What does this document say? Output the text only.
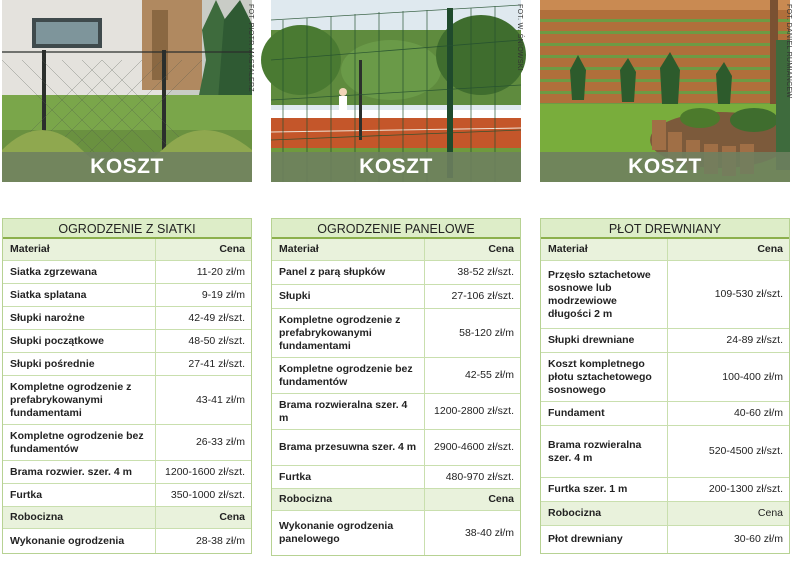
FOT. PIOTR MASTALERZ
KOSZT
OGRODZENIE Z SIATKI
Materiał	Cena
Siatka zgrzewana	11-20 zł/m
Siatka splatana	9-19 zł/m
Słupki narożne	42-49 zł/szt.
Słupki początkowe	48-50 zł/szt.
Słupki pośrednie	27-41 zł/szt.
Kompletne ogrodzenie z prefabrykowanymi fundamentami
43-41 zł/m
Kompletne ogrodzenie bez fundamentów
26-33 zł/m
Brama rozwier. szer. 4 m	1200-1600 zł/szt.
Furtka	350-1000 zł/szt.
Robocizna	Cena
Wykonanie ogrodzenia	28-38 zł/m
FOT. W. ŚNIOWSKI
KOSZT
OGRODZENIE PANELOWE
Materiał	Cena
Panel z parą słupków	38-52 zł/szt.
Słupki	27-106 zł/szt.
Kompletne ogrodzenie z prefabrykowanymi fundamentami
58-120 zł/m
Kompletne ogrodzenie bez fundamentów
42-55 zł/m
Brama rozwieralna szer. 4 m
1200-2800 zł/szt.
Brama przesuwna szer. 4 m	2900-4600 zł/szt.
Furtka	480-970 zł/szt.
Robocizna	Cena
Wykonanie ogrodzenia panelowego
38-40 zł/m
FOT. DANIEL RUMIANCEW
KOSZT
PŁOT DREWNIANY
Materiał	Cena
Przęsło sztachetowe sosnowe lub modrzewiowe długości 2 m
109-530 zł/szt.
Słupki drewniane	24-89 zł/szt.
Koszt kompletnego płotu sztachetowego sosnowego
100-400 zł/m
Fundament	40-60 zł/m
Brama rozwieralna szer. 4 m
520-4500 zł/szt.
Furtka szer. 1 m	200-1300 zł/szt.
Robocizna	Cena
Płot drewniany	30-60 zł/m
